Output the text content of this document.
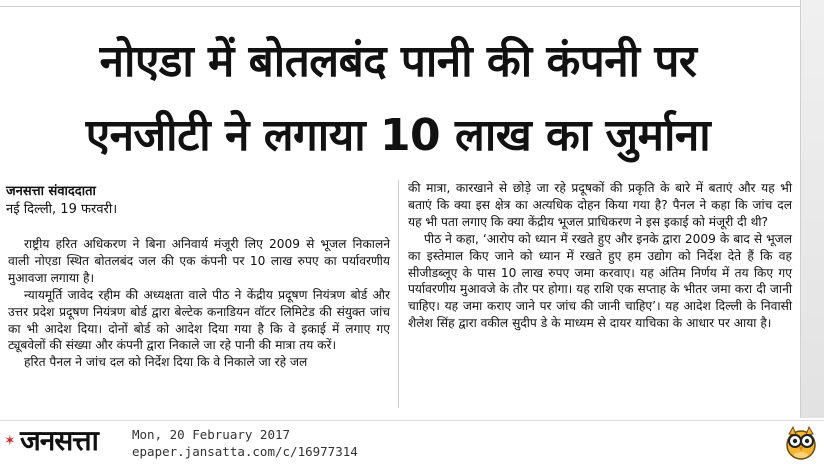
नोएडा में बोतलबंद पानी की कंपनी पर
एनजीटी ने लगाया 10 लाख का जुर्माना
जनसत्ता संवाददाता
नई दिल्ली, 19 फरवरी।

राष्ट्रीय हरित अधिकरण ने बिना अनिवार्य मंजूरी लिए 2009 से भूजल निकालने वाली नोएडा स्थित बोतलबंद जल की एक कंपनी पर 10 लाख रुपए का पर्यावरणीय मुआवजा लगाया है।

न्यायमूर्ति जावेद रहीम की अध्यक्षता वाले पीठ ने केंद्रीय प्रदूषण नियंत्रण बोर्ड और उत्तर प्रदेश प्रदूषण नियंत्रण बोर्ड द्वारा बेल्टेक कनाडियन वॉटर लिमिटेड की संयुक्त जांच का भी आदेश दिया। दोनों बोर्ड को आदेश दिया गया है कि वे इकाई में लगाए गए ट्यूबवेलों की संख्या और कंपनी द्वारा निकाले जा रहे पानी की मात्रा तय करें।

हरित पैनल ने जांच दल को निर्देश दिया कि वे निकाले जा रहे जल

की मात्रा, कारखाने से छोड़े जा रहे प्रदूषकों की प्रकृति के बारे में बताएं और यह भी बताएं कि क्या इस क्षेत्र का अत्यधिक दोहन किया गया है? पैनल ने कहा कि जांच दल यह भी पता लगाए कि क्या केंद्रीय भूजल प्राधिकरण ने इस इकाई को मंजूरी दी थी?

पीठ ने कहा, ‘आरोप को ध्यान में रखते हुए और इनके द्वारा 2009 के बाद से भूजल का इस्तेमाल किए जाने को ध्यान में रखते हुए हम उद्योग को निर्देश देते हैं कि वह सीजीडब्लूए के पास 10 लाख रुपए जमा करवाए। यह अंतिम निर्णय में तय किए गए पर्यावरणीय मुआवजे के तौर पर होगा। यह राशि एक सप्ताह के भीतर जमा करा दी जानी चाहिए। यह जमा कराए जाने पर जांच की जानी चाहिए’। यह आदेश दिल्ली के निवासी शैलेश सिंह द्वारा वकील सुदीप डे के माध्यम से दायर याचिका के आधार पर आया है।

✶ जनसत्ता	Mon, 20 February 2017
epaper.jansatta.com/c/16977314
